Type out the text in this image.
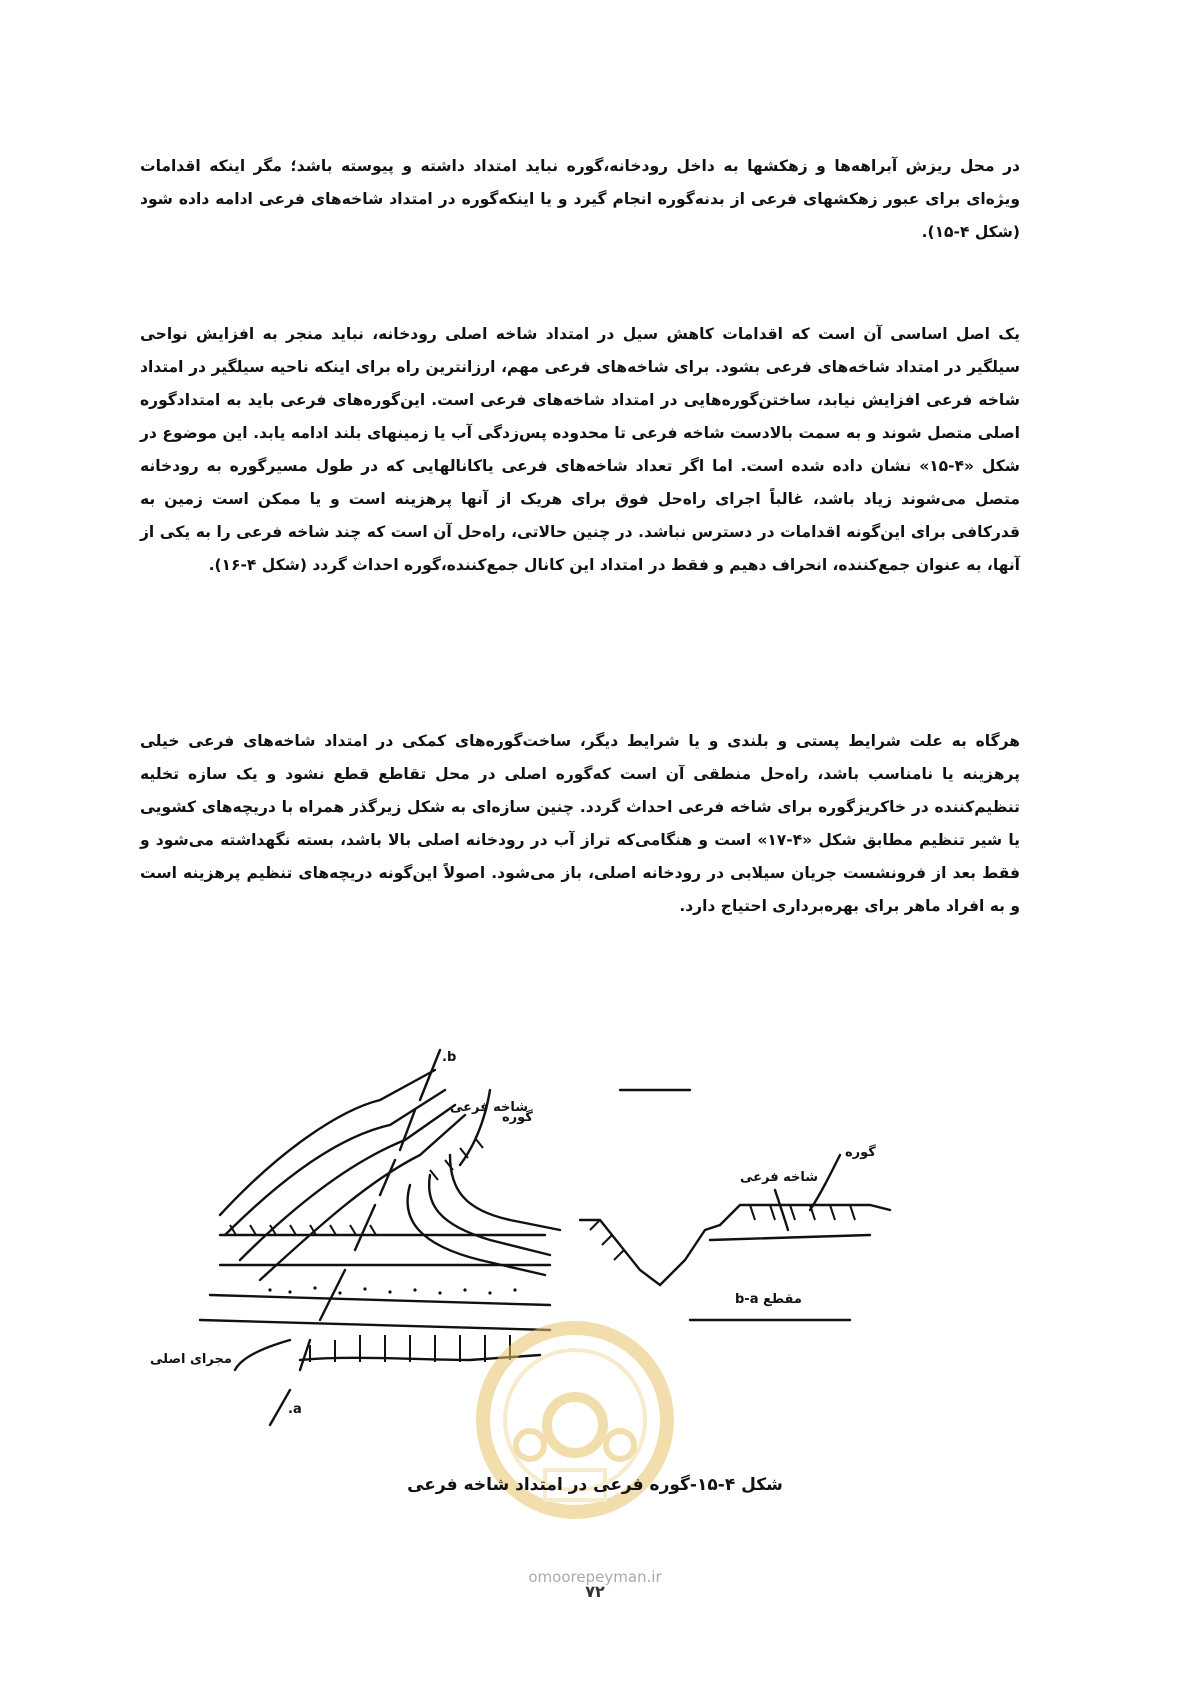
در محل ریزش آبراهه‌ها و زهکشها به داخل رودخانه،گوره نباید امتداد داشته و پیوسته باشد؛ مگر اینکه اقدامات ویژه‌ای برای عبور زهکشهای فرعی از بدنه‌گوره انجام گیرد و یا اینکه‌گوره در امتداد شاخه‌های فرعی ادامه داده شود (شکل ۴-۱۵).

یک اصل اساسی آن است که اقدامات کاهش سیل در امتداد شاخه اصلی رودخانه، نباید منجر به افزایش نواحی سیلگیر در امتداد شاخه‌های فرعی بشود. برای شاخه‌های فرعی مهم، ارزانترین راه برای اینکه ناحیه سیلگیر در امتداد شاخه فرعی افزایش نیابد، ساختن‌گوره‌هایی در امتداد شاخه‌های فرعی است. این‌گوره‌های فرعی باید به امتدادگوره اصلی متصل شوند و به سمت بالادست شاخه فرعی تا محدوده پس‌زدگی آب یا زمینهای بلند ادامه یابد. این موضوع در شکل «۴-۱۵» نشان داده شده است. اما اگر تعداد شاخه‌های فرعی یاکانالهایی که در طول مسیرگوره به رودخانه متصل می‌شوند زیاد باشد، غالباً اجرای راه‌حل فوق برای هریک از آنها پرهزینه است و یا ممکن است زمین به قدرکافی برای این‌گونه اقدامات در دسترس نباشد. در چنین حالاتی، راه‌حل آن است که چند شاخه فرعی را به یکی از آنها، به عنوان جمع‌کننده، انحراف دهیم و فقط در امتداد این کانال جمع‌کننده،گوره احداث گردد (شکل ۴-۱۶).

هرگاه به علت شرایط پستی و بلندی و یا شرایط دیگر، ساخت‌گوره‌های کمکی در امتداد شاخه‌های فرعی خیلی پرهزینه یا نامناسب باشد، راه‌حل منطقی آن است که‌گوره اصلی در محل تقاطع قطع نشود و یک سازه تخلیه تنظیم‌کننده در خاکریزگوره برای شاخه فرعی احداث گردد. چنین سازه‌ای به شکل زیرگذر همراه با دریچه‌های کشویی یا شیر تنظیم مطابق شکل «۴-۱۷» است و هنگامی‌که تراز آب در رودخانه اصلی بالا باشد، بسته نگهداشته می‌شود و فقط بعد از فرونشست جریان سیلابی در رودخانه اصلی، باز می‌شود. اصولاً این‌گونه دریچه‌های تنظیم پرهزینه است و به افراد ماهر برای بهره‌برداری احتیاج دارد.

b.
شاخه فرعی
گوره
مجرای اصلی
a.
شاخه فرعی
گوره
مقطع b-a
شکل ۴-۱۵-گوره فرعی در امتداد شاخه فرعی
omoorepeyman.ir
۷۲
